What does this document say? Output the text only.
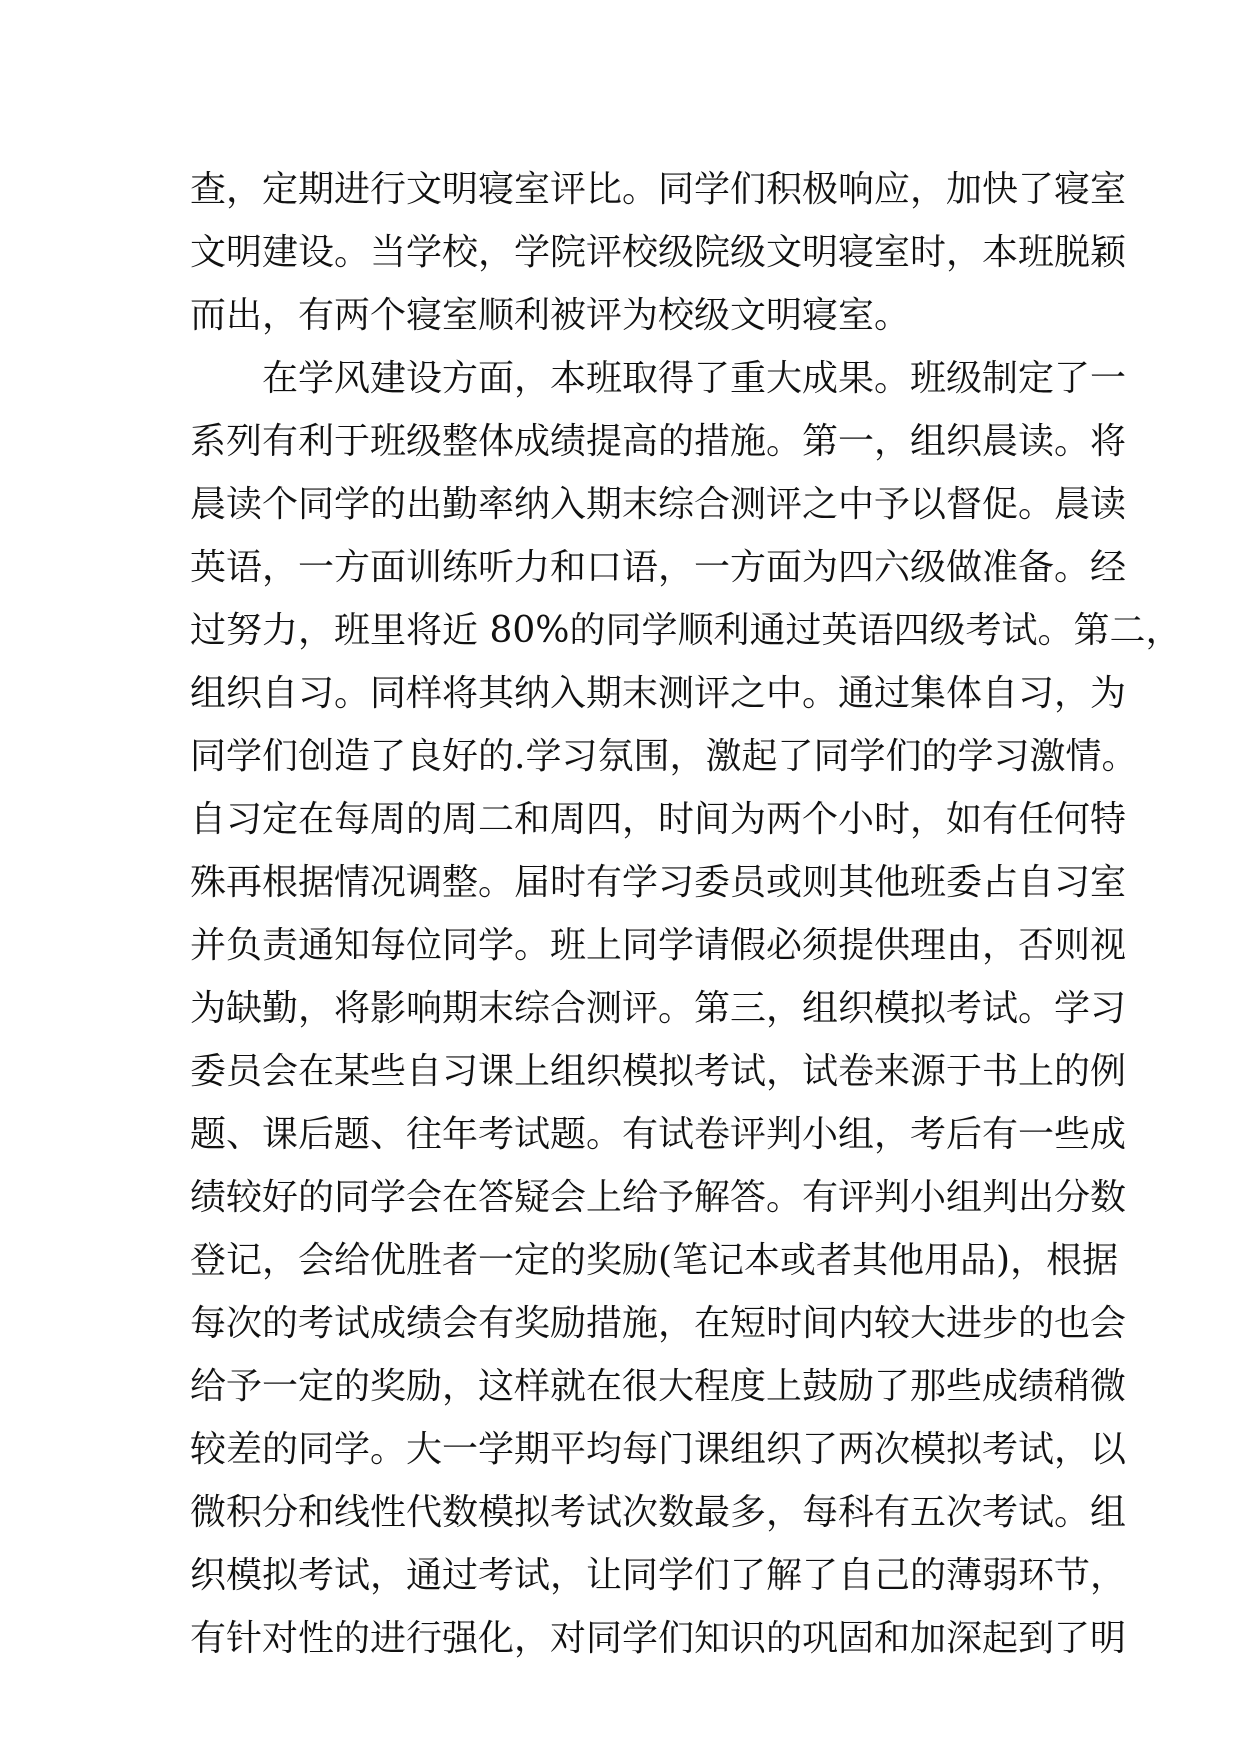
查，定期进行文明寝室评比。同学们积极响应，加快了寝室
文明建设。当学校，学院评校级院级文明寝室时，本班脱颖
而出，有两个寝室顺利被评为校级文明寝室。
在学风建设方面，本班取得了重大成果。班级制定了一
系列有利于班级整体成绩提高的措施。第一，组织晨读。将
晨读个同学的出勤率纳入期末综合测评之中予以督促。晨读
英语，一方面训练听力和口语，一方面为四六级做准备。经
过努力，班里将近 80%的同学顺利通过英语四级考试。第二，
组织自习。同样将其纳入期末测评之中。通过集体自习，为
同学们创造了良好的.学习氛围，激起了同学们的学习激情。
自习定在每周的周二和周四，时间为两个小时，如有任何特
殊再根据情况调整。届时有学习委员或则其他班委占自习室
并负责通知每位同学。班上同学请假必须提供理由，否则视
为缺勤，将影响期末综合测评。第三，组织模拟考试。学习
委员会在某些自习课上组织模拟考试，试卷来源于书上的例
题、课后题、往年考试题。有试卷评判小组，考后有一些成
绩较好的同学会在答疑会上给予解答。有评判小组判出分数
登记，会给优胜者一定的奖励(笔记本或者其他用品)，根据
每次的考试成绩会有奖励措施，在短时间内较大进步的也会
给予一定的奖励，这样就在很大程度上鼓励了那些成绩稍微
较差的同学。大一学期平均每门课组织了两次模拟考试，以
微积分和线性代数模拟考试次数最多，每科有五次考试。组
织模拟考试，通过考试，让同学们了解了自己的薄弱环节，
有针对性的进行强化，对同学们知识的巩固和加深起到了明
